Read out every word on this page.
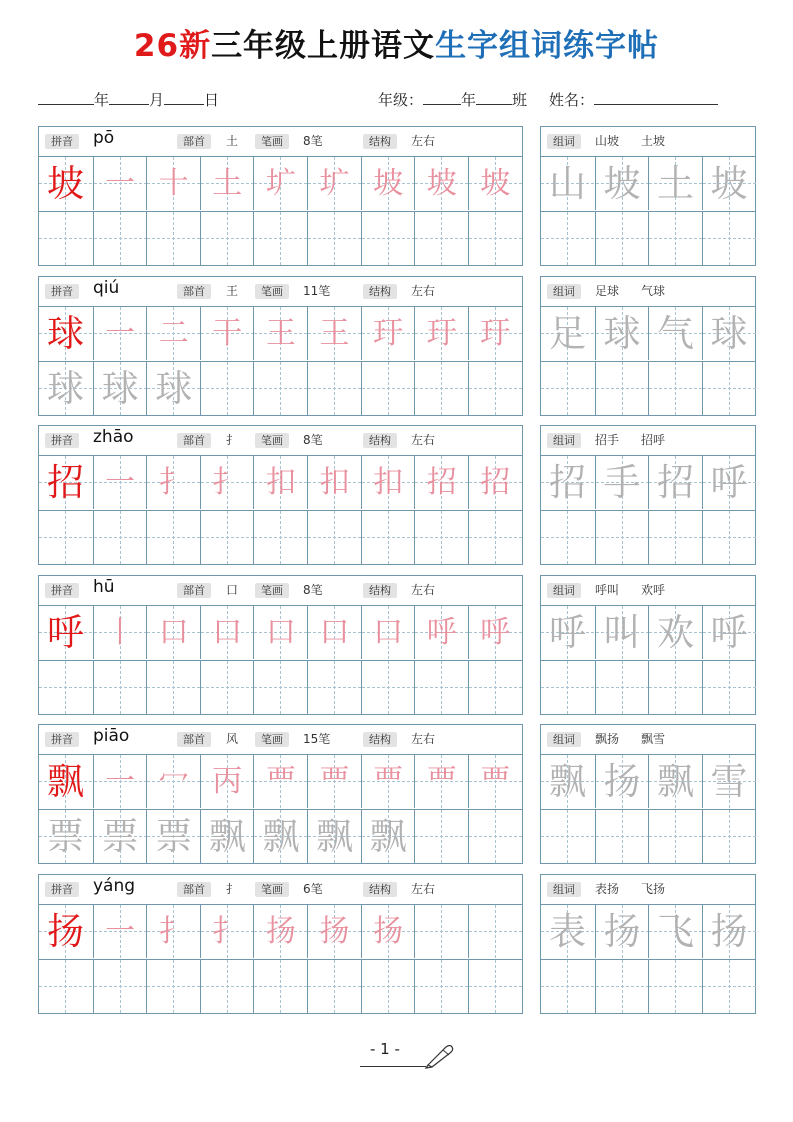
26新三年级上册语文生字组词练字帖
年	月	日	年级：	年 班 姓名：
拼音	pō	部首	土	笔画	8笔	结构	左右
坡 一 十 土 圹 圹 坡 坡 坡
组词	山坡 土坡
山 坡 土 坡
拼音	qiú	部首	王	笔画	11笔	结构	左右
球 一 二 干 王 王 玗 玗 玗
球 球 球
组词	足球 气球
足 球 气 球
拼音	zhāo	部首	扌	笔画	8笔	结构	左右
招 一 扌 扌 扣 扣 扣 招 招
组词	招手 招呼
招 手 招 呼
拼音	hū	部首	口	笔画	8笔	结构	左右
呼 丨 口 口 口 口 口 呼 呼
组词	呼叫 欢呼
呼 叫 欢 呼
拼音	piāo	部首	风	笔画	15笔	结构	左右
飘 一 冖 丙 覀 覀 覀 覀 覀
票 票 票 飘 飘 飘 飘
组词	飘扬 飘雪
飘 扬 飘 雪
拼音	yáng	部首	扌	笔画	6笔	结构	左右
扬 一 扌 扌 扬 扬 扬
组词	表扬 飞扬
表 扬 飞 扬
- 1 -
